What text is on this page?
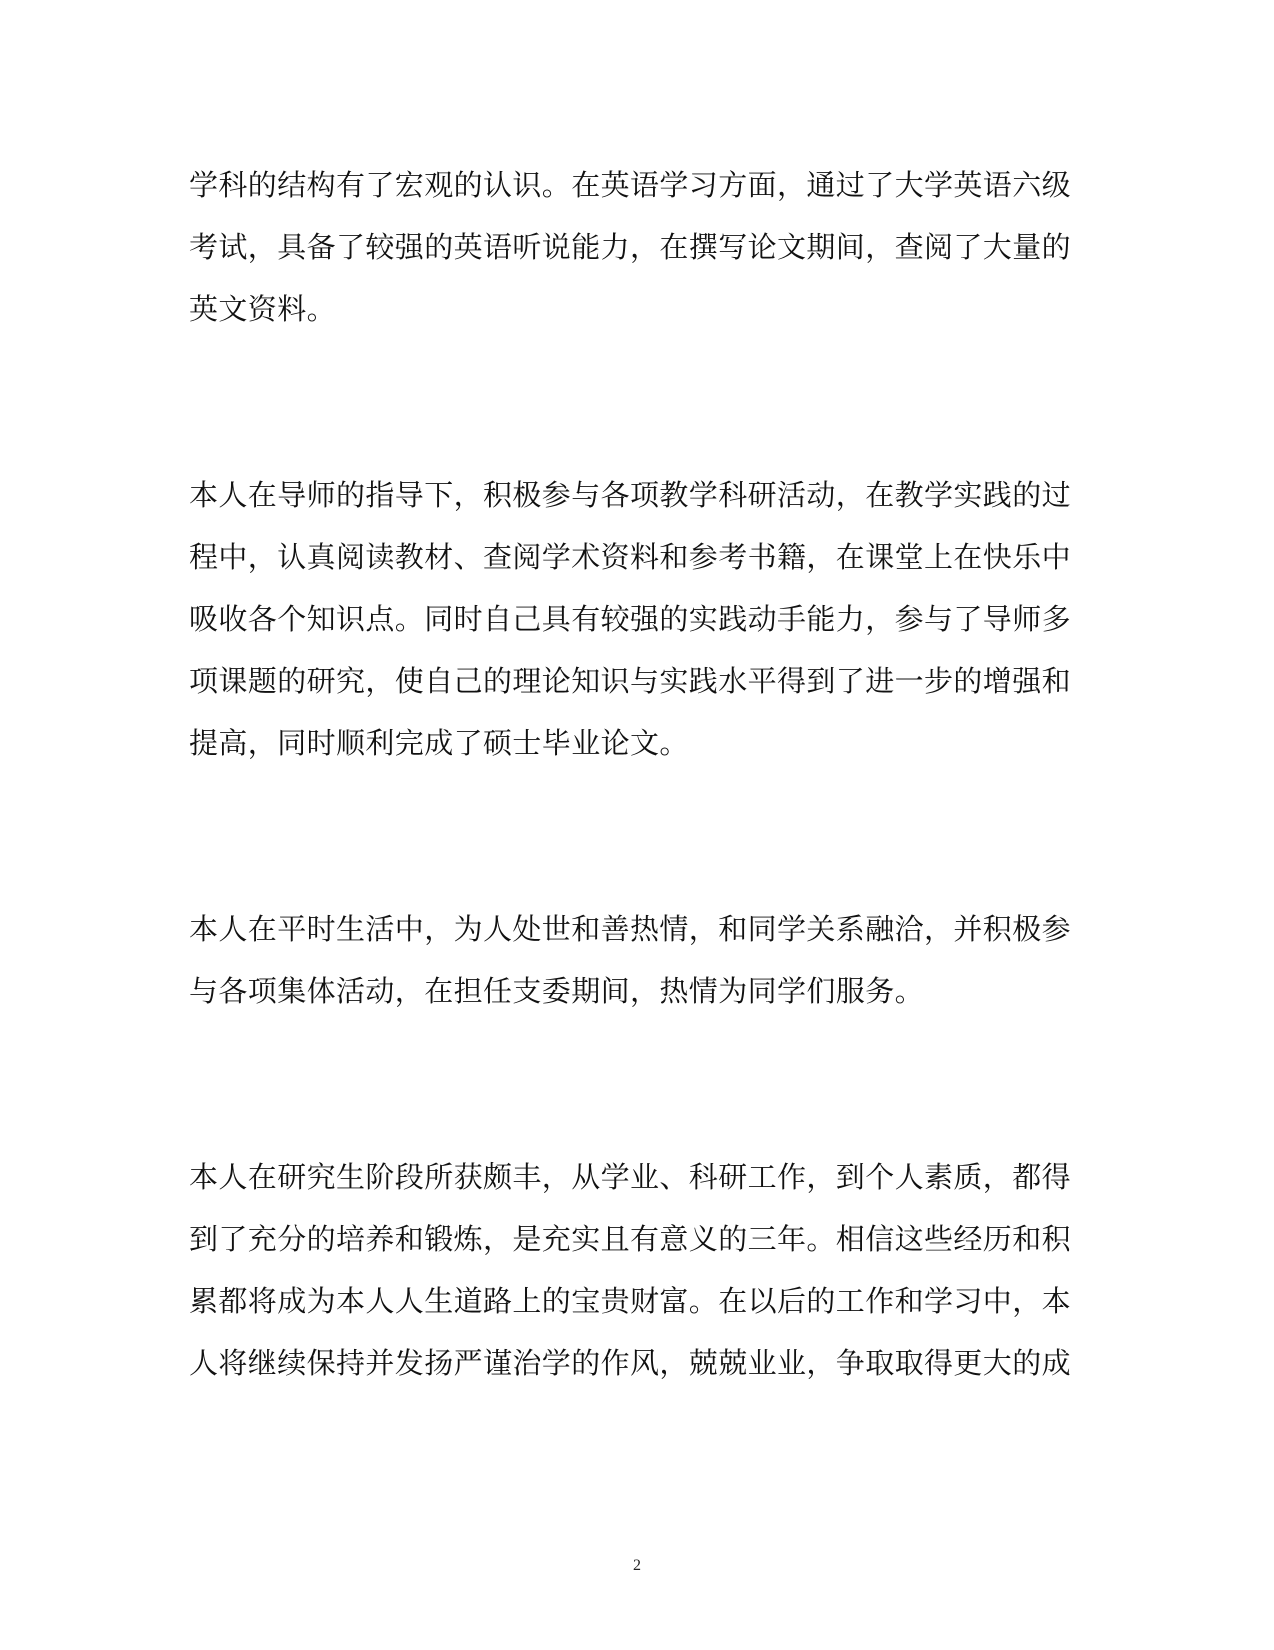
学科的结构有了宏观的认识。在英语学习方面，通过了大学英语六级
考试，具备了较强的英语听说能力，在撰写论文期间，查阅了大量的
英文资料。
本人在导师的指导下，积极参与各项教学科研活动，在教学实践的过
程中，认真阅读教材、查阅学术资料和参考书籍，在课堂上在快乐中
吸收各个知识点。同时自己具有较强的实践动手能力，参与了导师多
项课题的研究，使自己的理论知识与实践水平得到了进一步的增强和
提高，同时顺利完成了硕士毕业论文。
本人在平时生活中，为人处世和善热情，和同学关系融洽，并积极参
与各项集体活动，在担任支委期间，热情为同学们服务。
本人在研究生阶段所获颇丰，从学业、科研工作，到个人素质，都得
到了充分的培养和锻炼，是充实且有意义的三年。相信这些经历和积
累都将成为本人人生道路上的宝贵财富。在以后的工作和学习中，本
人将继续保持并发扬严谨治学的作风，兢兢业业，争取取得更大的成
2
